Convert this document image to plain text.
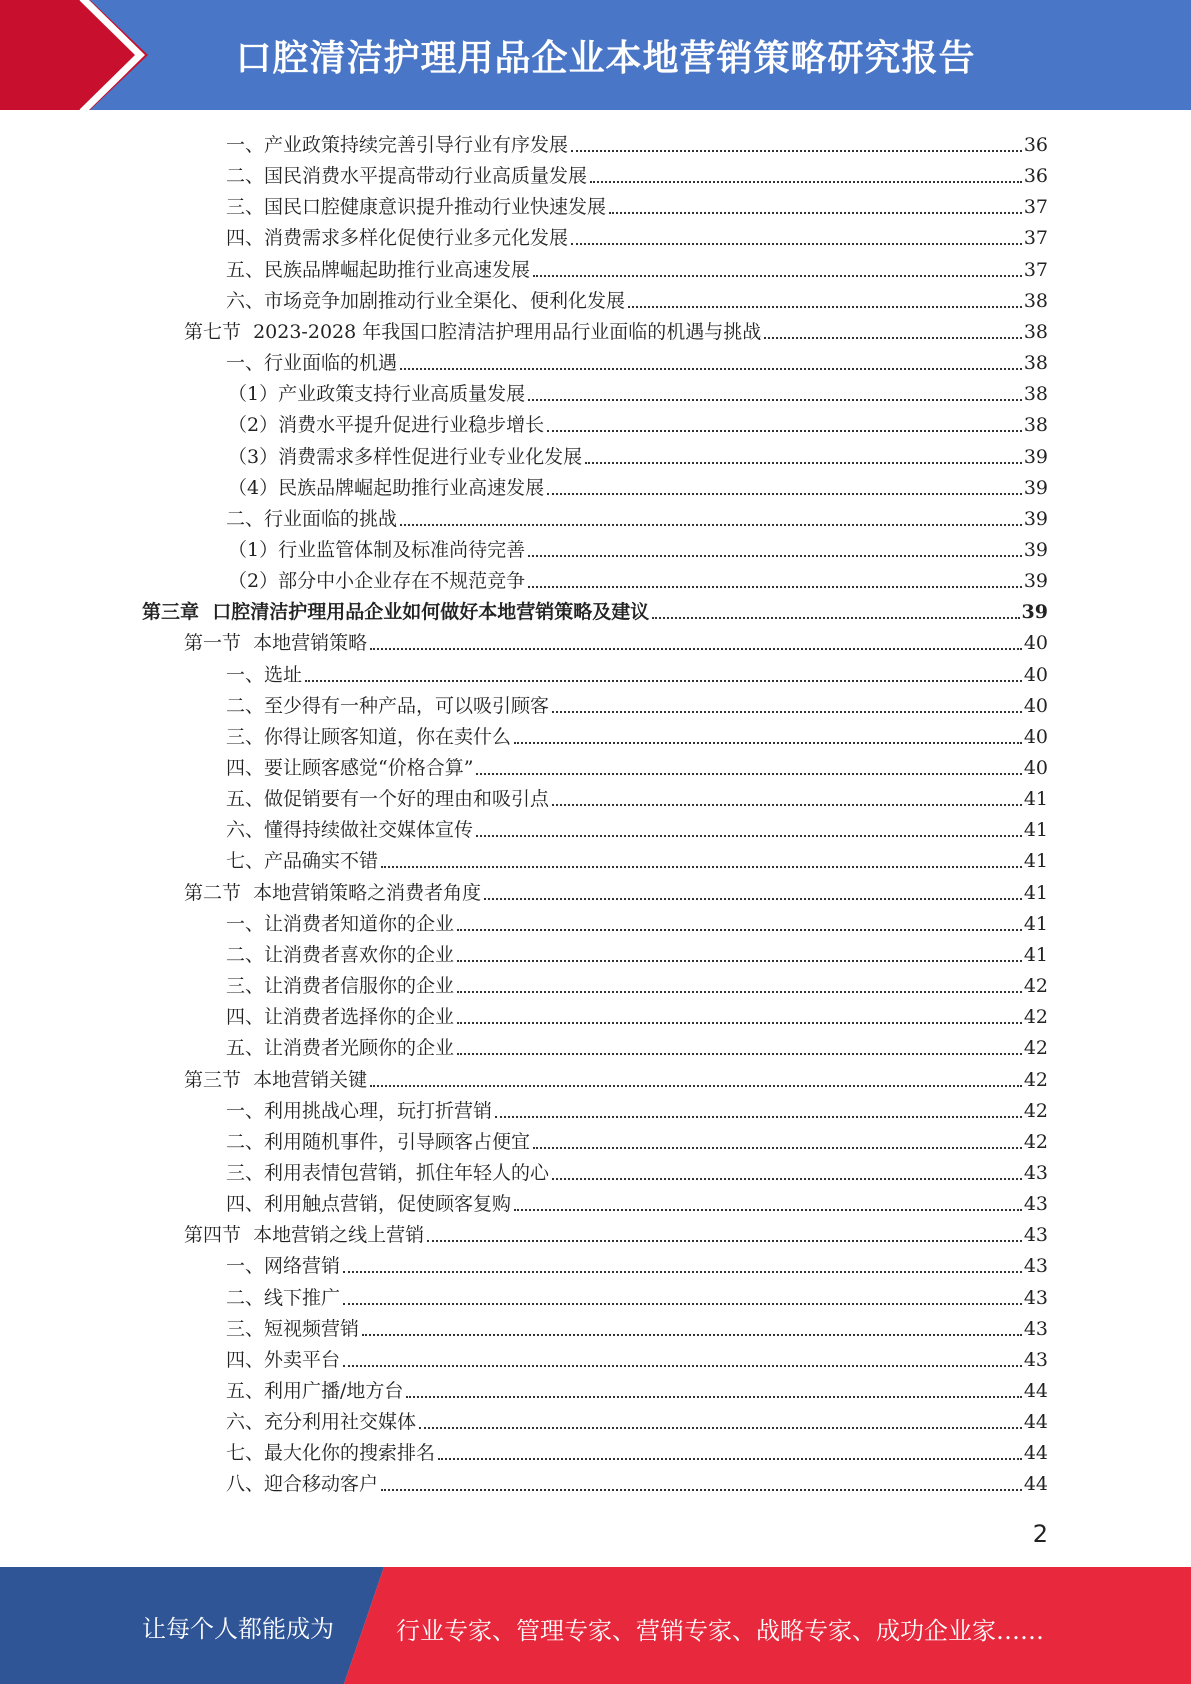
口腔清洁护理用品企业本地营销策略研究报告
一、产业政策持续完善引导行业有序发展	36
二、国民消费水平提高带动行业高质量发展	36
三、国民口腔健康意识提升推动行业快速发展	37
四、消费需求多样化促使行业多元化发展	37
五、民族品牌崛起助推行业高速发展	37
六、市场竞争加剧推动行业全渠化、便利化发展	38
第七节  2023-2028 年我国口腔清洁护理用品行业面临的机遇与挑战	38
一、行业面临的机遇	38
（1）产业政策支持行业高质量发展	38
（2）消费水平提升促进行业稳步增长	38
（3）消费需求多样性促进行业专业化发展	39
（4）民族品牌崛起助推行业高速发展	39
二、行业面临的挑战	39
（1）行业监管体制及标准尚待完善	39
（2）部分中小企业存在不规范竞争	39
第三章  口腔清洁护理用品企业如何做好本地营销策略及建议	39
第一节  本地营销策略	40
一、选址	40
二、至少得有一种产品，可以吸引顾客	40
三、你得让顾客知道，你在卖什么	40
四、要让顾客感觉“价格合算”	40
五、做促销要有一个好的理由和吸引点	41
六、懂得持续做社交媒体宣传	41
七、产品确实不错	41
第二节  本地营销策略之消费者角度	41
一、让消费者知道你的企业	41
二、让消费者喜欢你的企业	41
三、让消费者信服你的企业	42
四、让消费者选择你的企业	42
五、让消费者光顾你的企业	42
第三节  本地营销关键	42
一、利用挑战心理，玩打折营销	42
二、利用随机事件，引导顾客占便宜	42
三、利用表情包营销，抓住年轻人的心	43
四、利用触点营销，促使顾客复购	43
第四节  本地营销之线上营销	43
一、网络营销	43
二、线下推广	43
三、短视频营销	43
四、外卖平台	43
五、利用广播/地方台	44
六、充分利用社交媒体	44
七、最大化你的搜索排名	44
八、迎合移动客户	44
2
让每个人都能成为	行业专家、管理专家、营销专家、战略专家、成功企业家……
